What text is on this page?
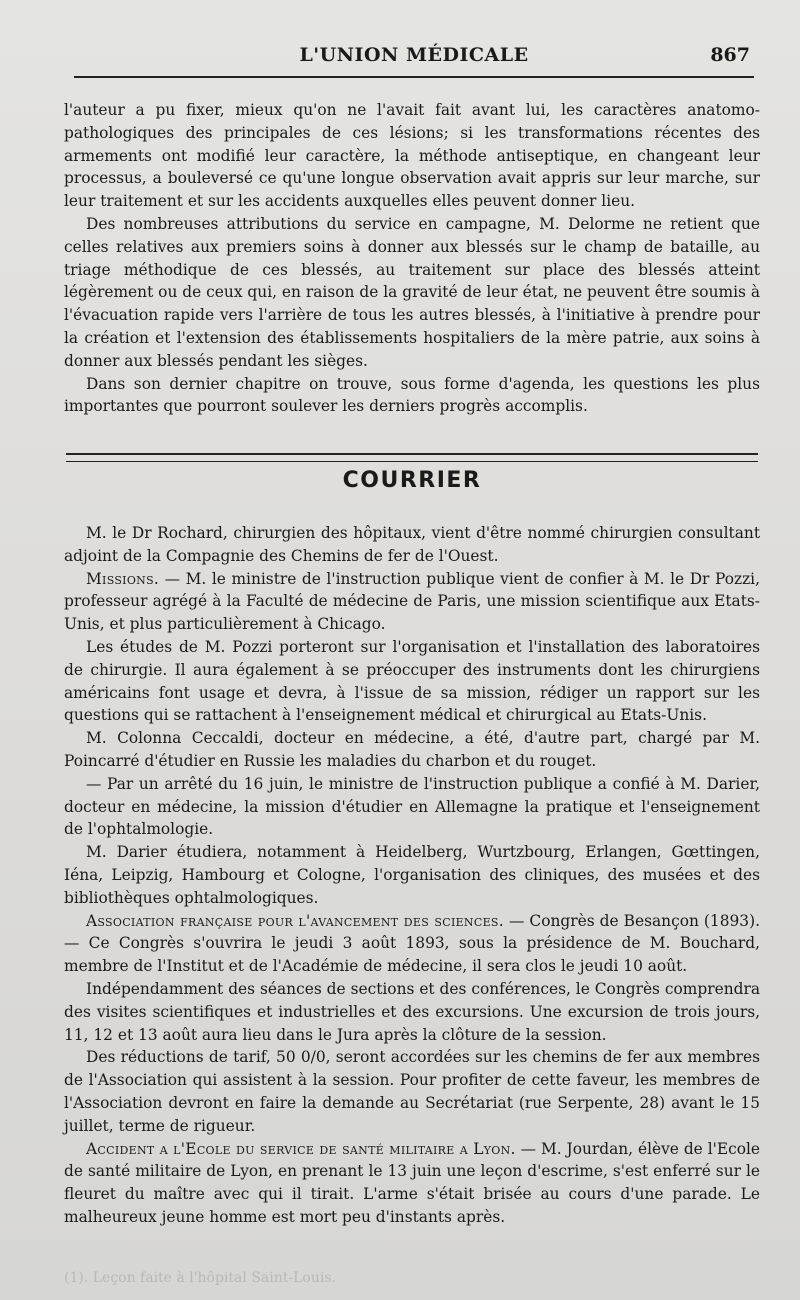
L'UNION MÉDICALE	867

l'auteur a pu fixer, mieux qu'on ne l'avait fait avant lui, les caractères anatomo-pathologiques des principales de ces lésions; si les transformations récentes des armements ont modifié leur caractère, la méthode antiseptique, en changeant leur processus, a bouleversé ce qu'une longue observation avait appris sur leur marche, sur leur traitement et sur les accidents auxquelles elles peuvent donner lieu.

Des nombreuses attributions du service en campagne, M. Delorme ne retient que celles relatives aux premiers soins à donner aux blessés sur le champ de bataille, au triage méthodique de ces blessés, au traitement sur place des blessés atteint légèrement ou de ceux qui, en raison de la gravité de leur état, ne peuvent être soumis à l'évacuation rapide vers l'arrière de tous les autres blessés, à l'initiative à prendre pour la création et l'extension des établissements hospitaliers de la mère patrie, aux soins à donner aux blessés pendant les sièges.

Dans son dernier chapitre on trouve, sous forme d'agenda, les questions les plus importantes que pourront soulever les derniers progrès accomplis.

COURRIER

M. le Dr Rochard, chirurgien des hôpitaux, vient d'être nommé chirurgien consultant adjoint de la Compagnie des Chemins de fer de l'Ouest.

Missions. — M. le ministre de l'instruction publique vient de confier à M. le Dr Pozzi, professeur agrégé à la Faculté de médecine de Paris, une mission scientifique aux Etats-Unis, et plus particulièrement à Chicago.

Les études de M. Pozzi porteront sur l'organisation et l'installation des laboratoires de chirurgie. Il aura également à se préoccuper des instruments dont les chirurgiens américains font usage et devra, à l'issue de sa mission, rédiger un rapport sur les questions qui se rattachent à l'enseignement médical et chirurgical au Etats-Unis.

M. Colonna Ceccaldi, docteur en médecine, a été, d'autre part, chargé par M. Poincarré d'étudier en Russie les maladies du charbon et du rouget.

— Par un arrêté du 16 juin, le ministre de l'instruction publique a confié à M. Darier, docteur en médecine, la mission d'étudier en Allemagne la pratique et l'enseignement de l'ophtalmologie.

M. Darier étudiera, notamment à Heidelberg, Wurtzbourg, Erlangen, Gœttingen, Iéna, Leipzig, Hambourg et Cologne, l'organisation des cliniques, des musées et des bibliothèques ophtalmologiques.

Association française pour l'avancement des sciences. — Congrès de Besançon (1893). — Ce Congrès s'ouvrira le jeudi 3 août 1893, sous la présidence de M. Bouchard, membre de l'Institut et de l'Académie de médecine, il sera clos le jeudi 10 août.

Indépendamment des séances de sections et des conférences, le Congrès comprendra des visites scientifiques et industrielles et des excursions. Une excursion de trois jours, 11, 12 et 13 août aura lieu dans le Jura après la clôture de la session.

Des réductions de tarif, 50 0/0, seront accordées sur les chemins de fer aux membres de l'Association qui assistent à la session. Pour profiter de cette faveur, les membres de l'Association devront en faire la demande au Secrétariat (rue Serpente, 28) avant le 15 juillet, terme de rigueur.

Accident a l'Ecole du service de santé militaire a Lyon. — M. Jourdan, élève de l'Ecole de santé militaire de Lyon, en prenant le 13 juin une leçon d'escrime, s'est enferré sur le fleuret du maître avec qui il tirait. L'arme s'était brisée au cours d'une parade. Le malheureux jeune homme est mort peu d'instants après.

(1). Leçon faite à l'hôpital Saint-Louis.
